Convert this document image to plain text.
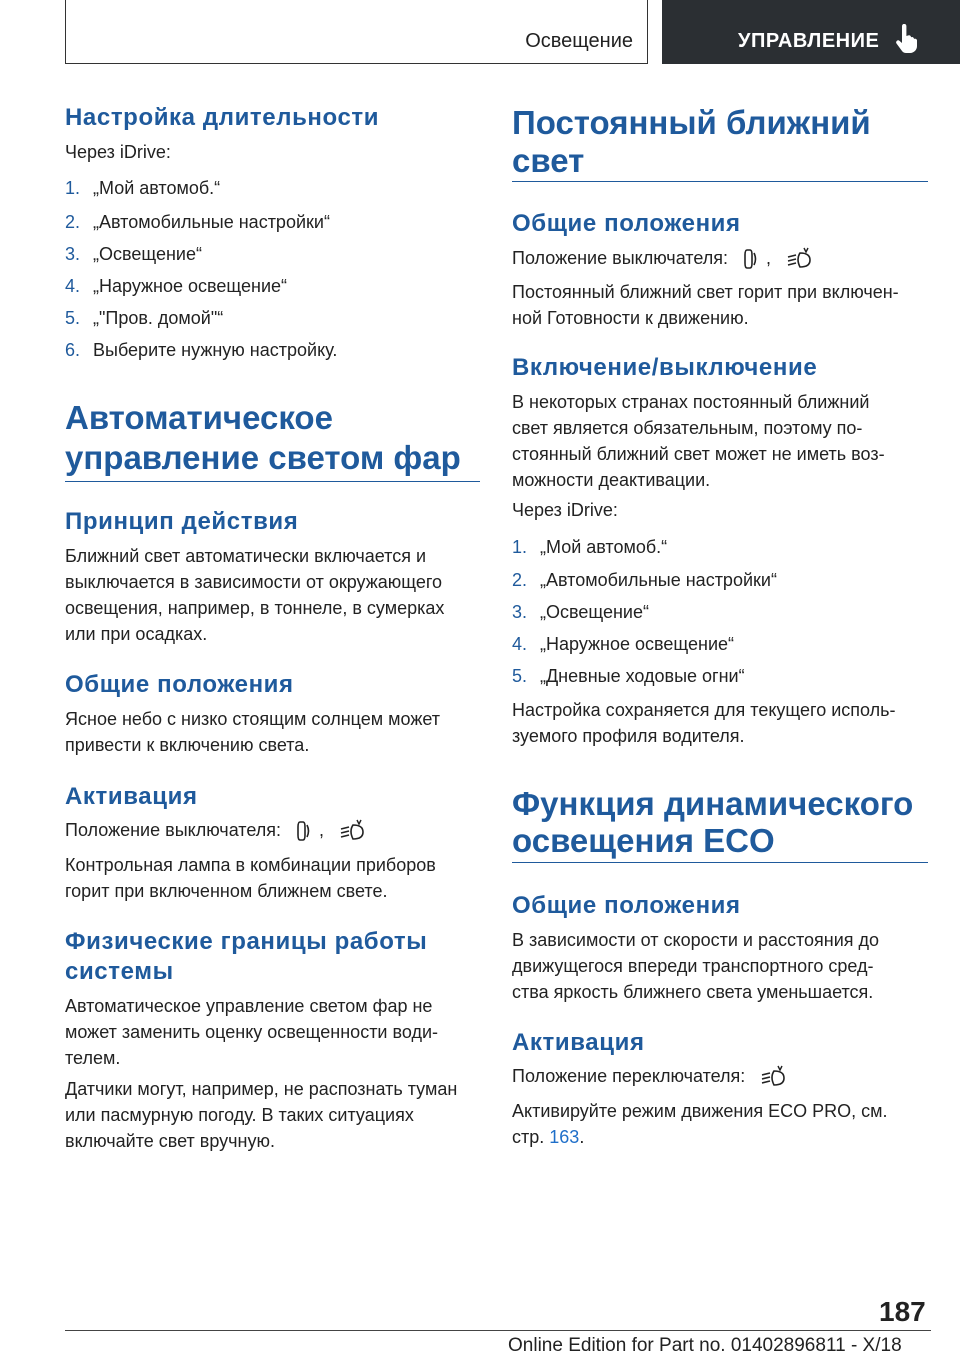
Освещение	УПРАВЛЕНИЕ
Настройка длительности
Через iDrive:
1. „Мой автомоб.“
2. „Автомобильные настройки“
3. „Освещение“
4. „Наружное освещение“
5. „"Пров. домой"“
6. Выберите нужную настройку.
Автоматическое
управление светом фар
Принцип действия
Ближний свет автоматически включается и
выключается в зависимости от окружающего
освещения, например, в тоннеле, в сумерках
или при осадках.
Общие положения
Ясное небо с низко стоящим солнцем может
привести к включению света.
Активация
Положение выключателя: ,
Контрольная лампа в комбинации приборов
горит при включенном ближнем свете.
Физические границы работы
системы
Автоматическое управление светом фар не
может заменить оценку освещенности води-
телем.
Датчики могут, например, не распознать туман
или пасмурную погоду. В таких ситуациях
включайте свет вручную.
Постоянный ближний
свет
Общие положения
Положение выключателя: ,
Постоянный ближний свет горит при включен-
ной Готовности к движению.
Включение/выключение
В некоторых странах постоянный ближний
свет является обязательным, поэтому по-
стоянный ближний свет может не иметь воз-
можности деактивации.
Через iDrive:
1. „Мой автомоб.“
2. „Автомобильные настройки“
3. „Освещение“
4. „Наружное освещение“
5. „Дневные ходовые огни“
Настройка сохраняется для текущего исполь-
зуемого профиля водителя.
Функция динамического
освещения ECO
Общие положения
В зависимости от скорости и расстояния до
движущегося впереди транспортного сред-
ства яркость ближнего света уменьшается.
Активация
Положение переключателя:
Активируйте режим движения ECO PRO, см.
стр. 163.
187
Online Edition for Part no. 01402896811 - X/18
